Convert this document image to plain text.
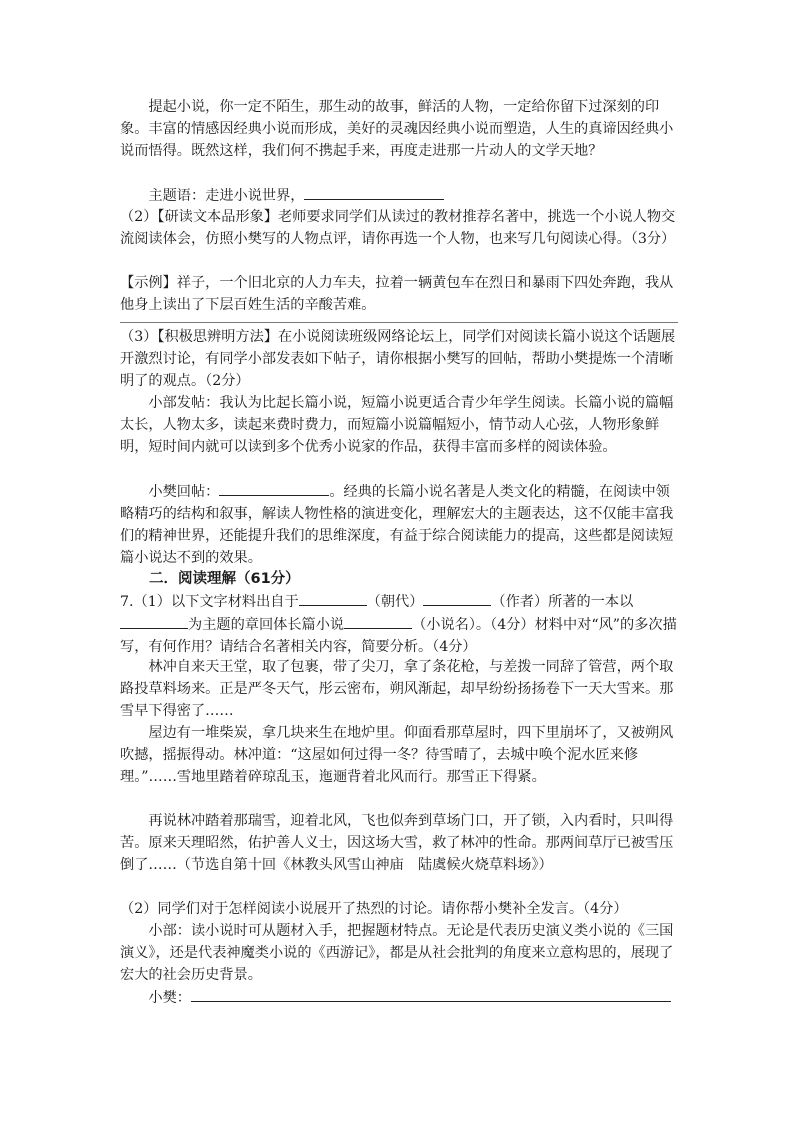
提起小说，你一定不陌生，那生动的故事，鲜活的人物，一定给你留下过深刻的印象。丰富的情感因经典小说而形成，美好的灵魂因经典小说而塑造，人生的真谛因经典小说而悟得。既然这样，我们何不携起手来，再度走进那一片动人的文学天地？

主题语：走进小说世界，

（2）【研读文本品形象】老师要求同学们从读过的教材推荐名著中，挑选一个小说人物交流阅读体会，仿照小樊写的人物点评，请你再选一个人物，也来写几句阅读心得。（3分）

【示例】祥子，一个旧北京的人力车夫，拉着一辆黄包车在烈日和暴雨下四处奔跑，我从他身上读出了下层百姓生活的辛酸苦难。

（3）【积极思辨明方法】在小说阅读班级网络论坛上，同学们对阅读长篇小说这个话题展开激烈讨论，有同学小部发表如下帖子，请你根据小樊写的回帖，帮助小樊提炼一个清晰明了的观点。（2分）

小部发帖：我认为比起长篇小说，短篇小说更适合青少年学生阅读。长篇小说的篇幅太长，人物太多，读起来费时费力，而短篇小说篇幅短小，情节动人心弦，人物形象鲜明，短时间内就可以读到多个优秀小说家的作品，获得丰富而多样的阅读体验。

小樊回帖：	。经典的长篇小说名著是人类文化的精髓，在阅读中领略精巧的结构和叙事，解读人物性格的演进变化，理解宏大的主题表达，这不仅能丰富我们的精神世界，还能提升我们的思维深度，有益于综合阅读能力的提高，这些都是阅读短篇小说达不到的效果。

二．阅读理解（61分）

7.（1）以下文字材料出自于	（朝代）	（作者）所著的一本以为主题的章回体长篇小说	（小说名）。（4分）材料中对“风”的多次描写，有何作用？请结合名著相关内容，简要分析。（4分）

林冲自来天王堂，取了包裹，带了尖刀，拿了条花枪，与差拨一同辞了管营，两个取路投草料场来。正是严冬天气，彤云密布，朔风渐起，却早纷纷扬扬卷下一天大雪来。那雪早下得密了……

屋边有一堆柴炭，拿几块来生在地炉里。仰面看那草屋时，四下里崩坏了，又被朔风吹撼，摇振得动。林冲道：“这屋如何过得一冬？待雪晴了，去城中唤个泥水匠来修理。”……雪地里踏着碎琼乱玉，迤逦背着北风而行。那雪正下得紧。

再说林冲踏着那瑞雪，迎着北风，飞也似奔到草场门口，开了锁，入内看时，只叫得苦。原来天理昭然，佑护善人义士，因这场大雪，救了林冲的性命。那两间草厅已被雪压倒了……（节选自第十回《林教头风雪山神庙　陆虞候火烧草料场》）

（2）同学们对于怎样阅读小说展开了热烈的讨论。请你帮小樊补全发言。（4分）

小部：读小说时可从题材入手，把握题材特点。无论是代表历史演义类小说的《三国演义》，还是代表神魔类小说的《西游记》，都是从社会批判的角度来立意构思的，展现了宏大的社会历史背景。

小樊：
